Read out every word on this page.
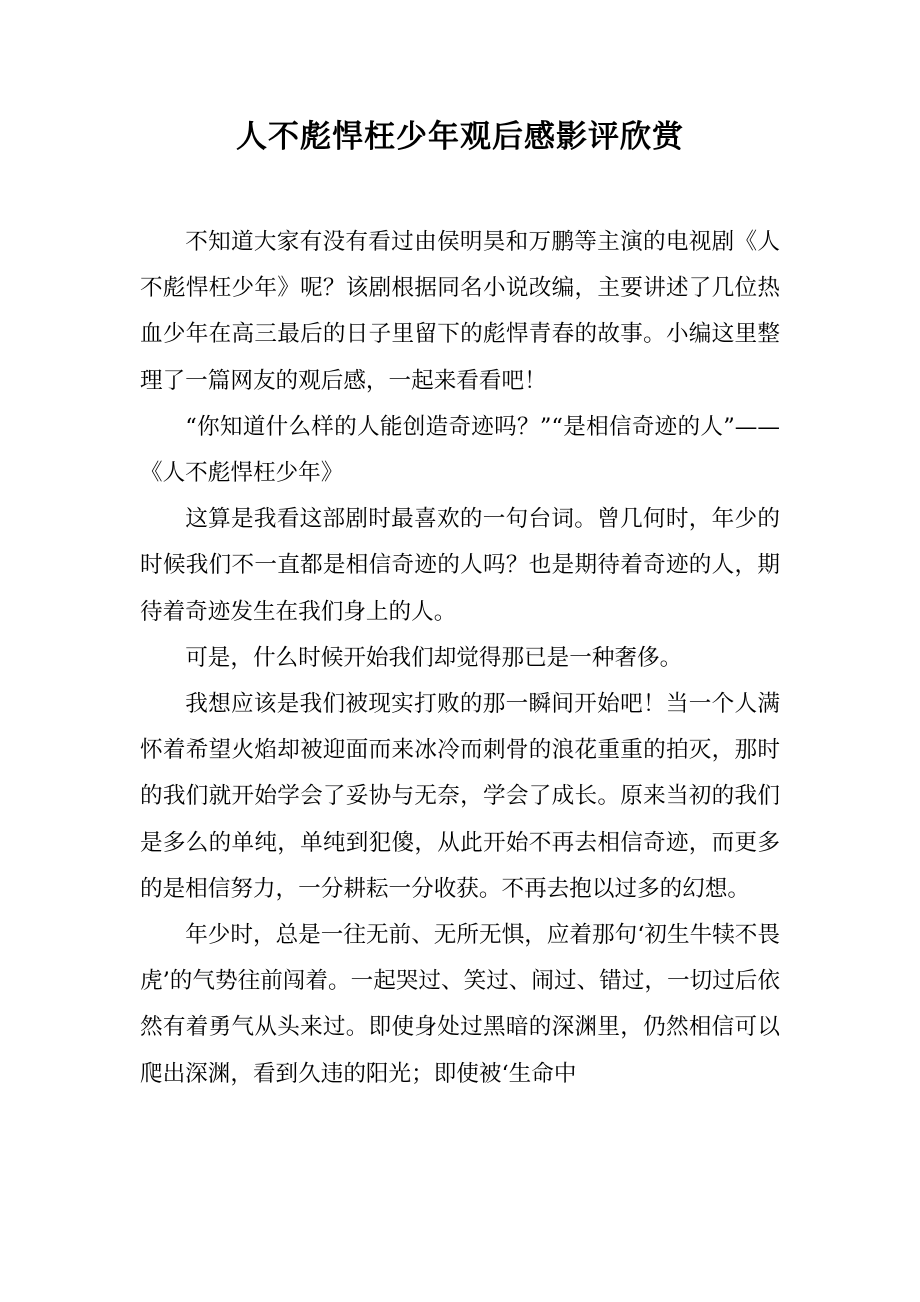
人不彪悍枉少年观后感影评欣赏

不知道大家有没有看过由侯明昊和万鹏等主演的电视剧《人不彪悍枉少年》呢？该剧根据同名小说改编，主要讲述了几位热血少年在高三最后的日子里留下的彪悍青春的故事。小编这里整理了一篇网友的观后感，一起来看看吧！

“你知道什么样的人能创造奇迹吗？”“是相信奇迹的人”——《人不彪悍枉少年》

这算是我看这部剧时最喜欢的一句台词。曾几何时，年少的时候我们不一直都是相信奇迹的人吗？也是期待着奇迹的人，期待着奇迹发生在我们身上的人。

可是，什么时候开始我们却觉得那已是一种奢侈。

我想应该是我们被现实打败的那一瞬间开始吧！当一个人满怀着希望火焰却被迎面而来冰冷而刺骨的浪花重重的拍灭，那时的我们就开始学会了妥协与无奈，学会了成长。原来当初的我们是多么的单纯，单纯到犯傻，从此开始不再去相信奇迹，而更多的是相信努力，一分耕耘一分收获。不再去抱以过多的幻想。

年少时，总是一往无前、无所无惧，应着那句‘初生牛犊不畏虎’的气势往前闯着。一起哭过、笑过、闹过、错过，一切过后依然有着勇气从头来过。即使身处过黑暗的深渊里，仍然相信可以爬出深渊，看到久违的阳光；即使被‘生命中
